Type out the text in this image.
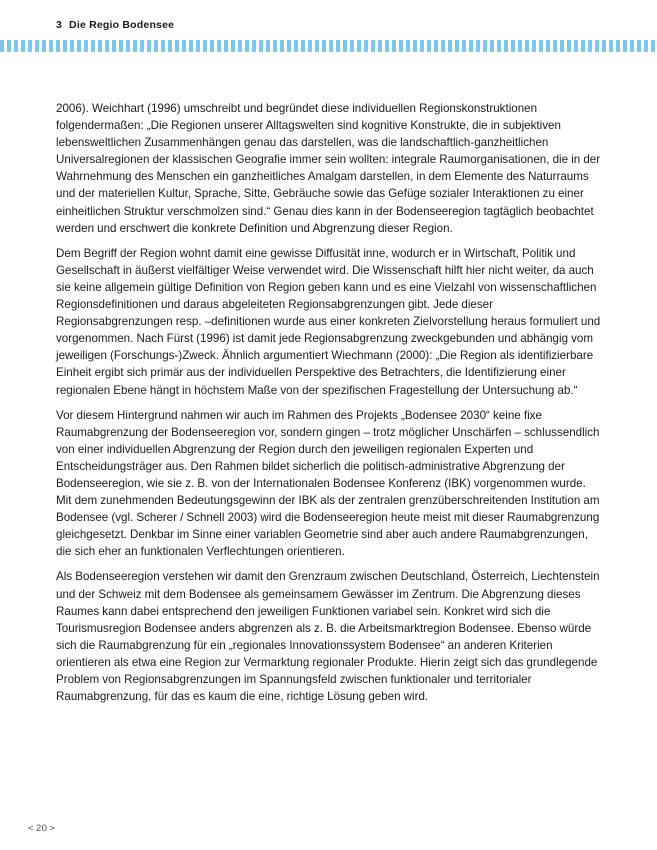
3 Die Regio Bodensee

2006). Weichhart (1996) umschreibt und begründet diese individuellen Regionskonstruktionen folgendermaßen: „Die Regionen unserer Alltagswelten sind kognitive Konstrukte, die in subjektiven lebensweltlichen Zusammenhängen genau das darstellen, was die landschaftlich-ganzheitlichen Universalregionen der klassischen Geografie immer sein wollten: integrale Raumorganisationen, die in der Wahrnehmung des Menschen ein ganzheitliches Amalgam darstellen, in dem Elemente des Naturraums und der materiellen Kultur, Sprache, Sitte, Gebräuche sowie das Gefüge sozialer Interaktionen zu einer einheitlichen Struktur verschmolzen sind.“ Genau dies kann in der Bodenseeregion tagtäglich beobachtet werden und erschwert die konkrete Definition und Abgrenzung dieser Region.

Dem Begriff der Region wohnt damit eine gewisse Diffusität inne, wodurch er in Wirtschaft, Politik und Gesellschaft in äußerst vielfältiger Weise verwendet wird. Die Wissenschaft hilft hier nicht weiter, da auch sie keine allgemein gültige Definition von Region geben kann und es eine Vielzahl von wissenschaftlichen Regionsdefinitionen und daraus abgeleiteten Regionsabgrenzungen gibt. Jede dieser Regionsabgrenzungen resp. –definitionen wurde aus einer konkreten Zielvorstellung heraus formuliert und vorgenommen. Nach Fürst (1996) ist damit jede Regionsabgrenzung zweckgebunden und abhängig vom jeweiligen (Forschungs-)Zweck. Ähnlich argumentiert Wiechmann (2000): „Die Region als identifizierbare Einheit ergibt sich primär aus der individuellen Perspektive des Betrachters, die Identifizierung einer regionalen Ebene hängt in höchstem Maße von der spezifischen Fragestellung der Untersuchung ab.“

Vor diesem Hintergrund nahmen wir auch im Rahmen des Projekts „Bodensee 2030“ keine fixe Raumabgrenzung der Bodenseeregion vor, sondern gingen – trotz möglicher Unschärfen – schlussendlich von einer individuellen Abgrenzung der Region durch den jeweiligen regionalen Experten und Entscheidungsträger aus. Den Rahmen bildet sicherlich die politisch-administrative Abgrenzung der Bodenseeregion, wie sie z. B. von der Internationalen Bodensee Konferenz (IBK) vorgenommen wurde. Mit dem zunehmenden Bedeutungsgewinn der IBK als der zentralen grenzüberschreitenden Institution am Bodensee (vgl. Scherer / Schnell 2003) wird die Bodenseeregion heute meist mit dieser Raumabgrenzung gleichgesetzt. Denkbar im Sinne einer variablen Geometrie sind aber auch andere Raumabgrenzungen, die sich eher an funktionalen Verflechtungen orientieren.

Als Bodenseeregion verstehen wir damit den Grenzraum zwischen Deutschland, Österreich, Liechtenstein und der Schweiz mit dem Bodensee als gemeinsamem Gewässer im Zentrum. Die Abgrenzung dieses Raumes kann dabei entsprechend den jeweiligen Funktionen variabel sein. Konkret wird sich die Tourismusregion Bodensee anders abgrenzen als z. B. die Arbeitsmarktregion Bodensee. Ebenso würde sich die Raumabgrenzung für ein „regionales Innovationssystem Bodensee“ an anderen Kriterien orientieren als etwa eine Region zur Vermarktung regionaler Produkte. Hierin zeigt sich das grundlegende Problem von Regionsabgrenzungen im Spannungsfeld zwischen funktionaler und territorialer Raumabgrenzung, für das es kaum die eine, richtige Lösung geben wird.

< 20 >
